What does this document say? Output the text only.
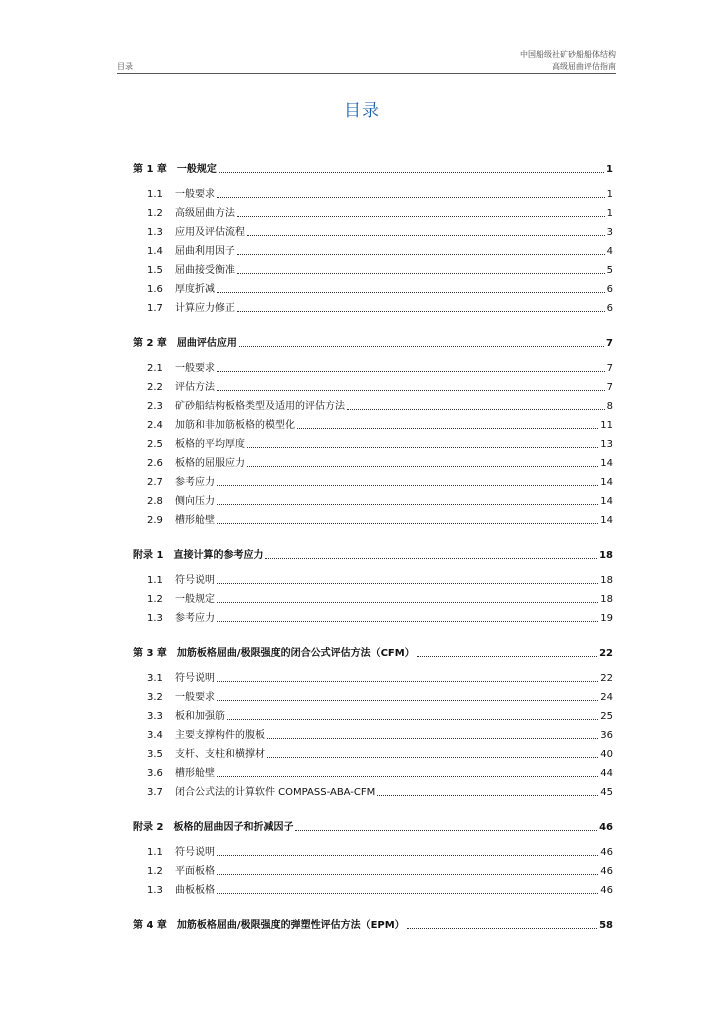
中国船级社矿砂船船体结构
高级屈曲评估指南
目录
目录
第 1 章 一般规定	1
1.1	一般要求	1
1.2	高级屈曲方法	1
1.3	应用及评估流程	3
1.4	屈曲利用因子	4
1.5	屈曲接受衡准	5
1.6	厚度折减	6
1.7	计算应力修正	6
第 2 章 屈曲评估应用	7
2.1	一般要求	7
2.2	评估方法	7
2.3	矿砂船结构板格类型及适用的评估方法	8
2.4	加筋和非加筋板格的模型化	11
2.5	板格的平均厚度	13
2.6	板格的屈服应力	14
2.7	参考应力	14
2.8	侧向压力	14
2.9	槽形舱壁	14
附录 1 直接计算的参考应力	18
1.1	符号说明	18
1.2	一般规定	18
1.3	参考应力	19
第 3 章 加筋板格屈曲/极限强度的闭合公式评估方法（CFM）	22
3.1	符号说明	22
3.2	一般要求	24
3.3	板和加强筋	25
3.4	主要支撑构件的腹板	36
3.5	支杆、支柱和横撑材	40
3.6	槽形舱壁	44
3.7	闭合公式法的计算软件 COMPASS-ABA-CFM	45
附录 2 板格的屈曲因子和折减因子	46
1.1	符号说明	46
1.2	平面板格	46
1.3	曲板板格	46
第 4 章 加筋板格屈曲/极限强度的弹塑性评估方法（EPM）	58
